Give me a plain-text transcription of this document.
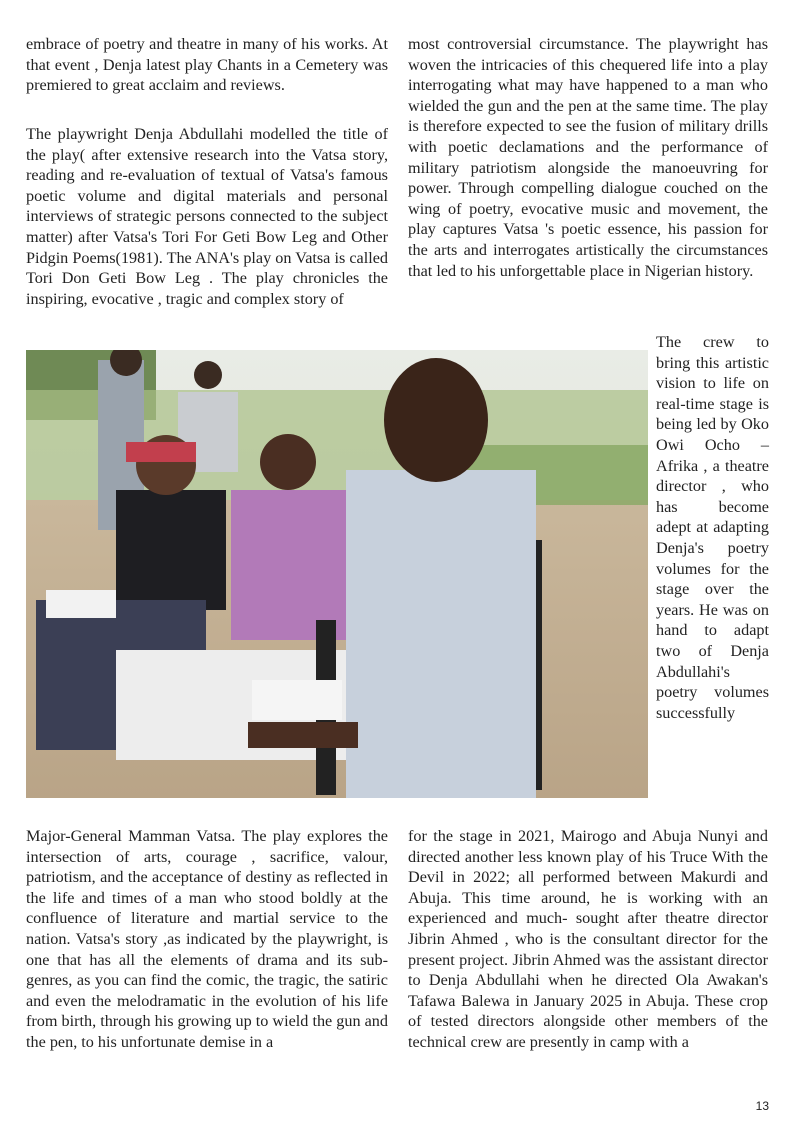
embrace of poetry and theatre in many of his works. At that event , Denja latest play Chants in a Cemetery was premiered to great acclaim and reviews.

The playwright Denja Abdullahi modelled the title of the play( after extensive research into the Vatsa story, reading and re-evaluation of textual of Vatsa's famous poetic volume and digital materials and personal interviews of strategic persons connected to the subject matter) after Vatsa's Tori For Geti Bow Leg and Other Pidgin Poems(1981). The ANA's play on Vatsa is called Tori Don Geti Bow Leg . The play chronicles the inspiring, evocative , tragic and complex story of

most controversial circumstance. The playwright has woven the intricacies of this chequered life into a play interrogating what may have happened to a man who wielded the gun and the pen at the same time. The play is therefore expected to see the fusion of military drills with poetic declamations and the performance of military patriotism alongside the manoeuvring for power. Through compelling dialogue couched on the wing of poetry, evocative music and movement, the play captures Vatsa 's poetic essence, his passion for the arts and interrogates artistically the circumstances that led to his unforgettable place in Nigerian history.

The crew to bring this artistic vision to life on real-time stage is being led by Oko Owi Ocho –Afrika , a theatre director , who has become adept at adapting Denja's poetry volumes for the stage over the years. He was on hand to adapt two of Denja Abdullahi's poetry volumes successfully

Major-General Mamman Vatsa. The play explores the intersection of arts, courage , sacrifice, valour, patriotism, and the acceptance of destiny as reflected in the life and times of a man who stood boldly at the confluence of literature and martial service to the nation. Vatsa's story ,as indicated by the playwright, is one that has all the elements of drama and its sub-genres, as you can find the comic, the tragic, the satiric and even the melodramatic in the evolution of his life from birth, through his growing up to wield the gun and the pen, to his unfortunate demise in a

for the stage in 2021, Mairogo and Abuja Nunyi and directed another less known play of his Truce With the Devil in 2022; all performed between Makurdi and Abuja. This time around, he is working with an experienced and much- sought after theatre director Jibrin Ahmed , who is the consultant director for the present project. Jibrin Ahmed was the assistant director to Denja Abdullahi when he directed Ola Awakan's Tafawa Balewa in January 2025 in Abuja. These crop of tested directors alongside other members of the technical crew are presently in camp with a

13
